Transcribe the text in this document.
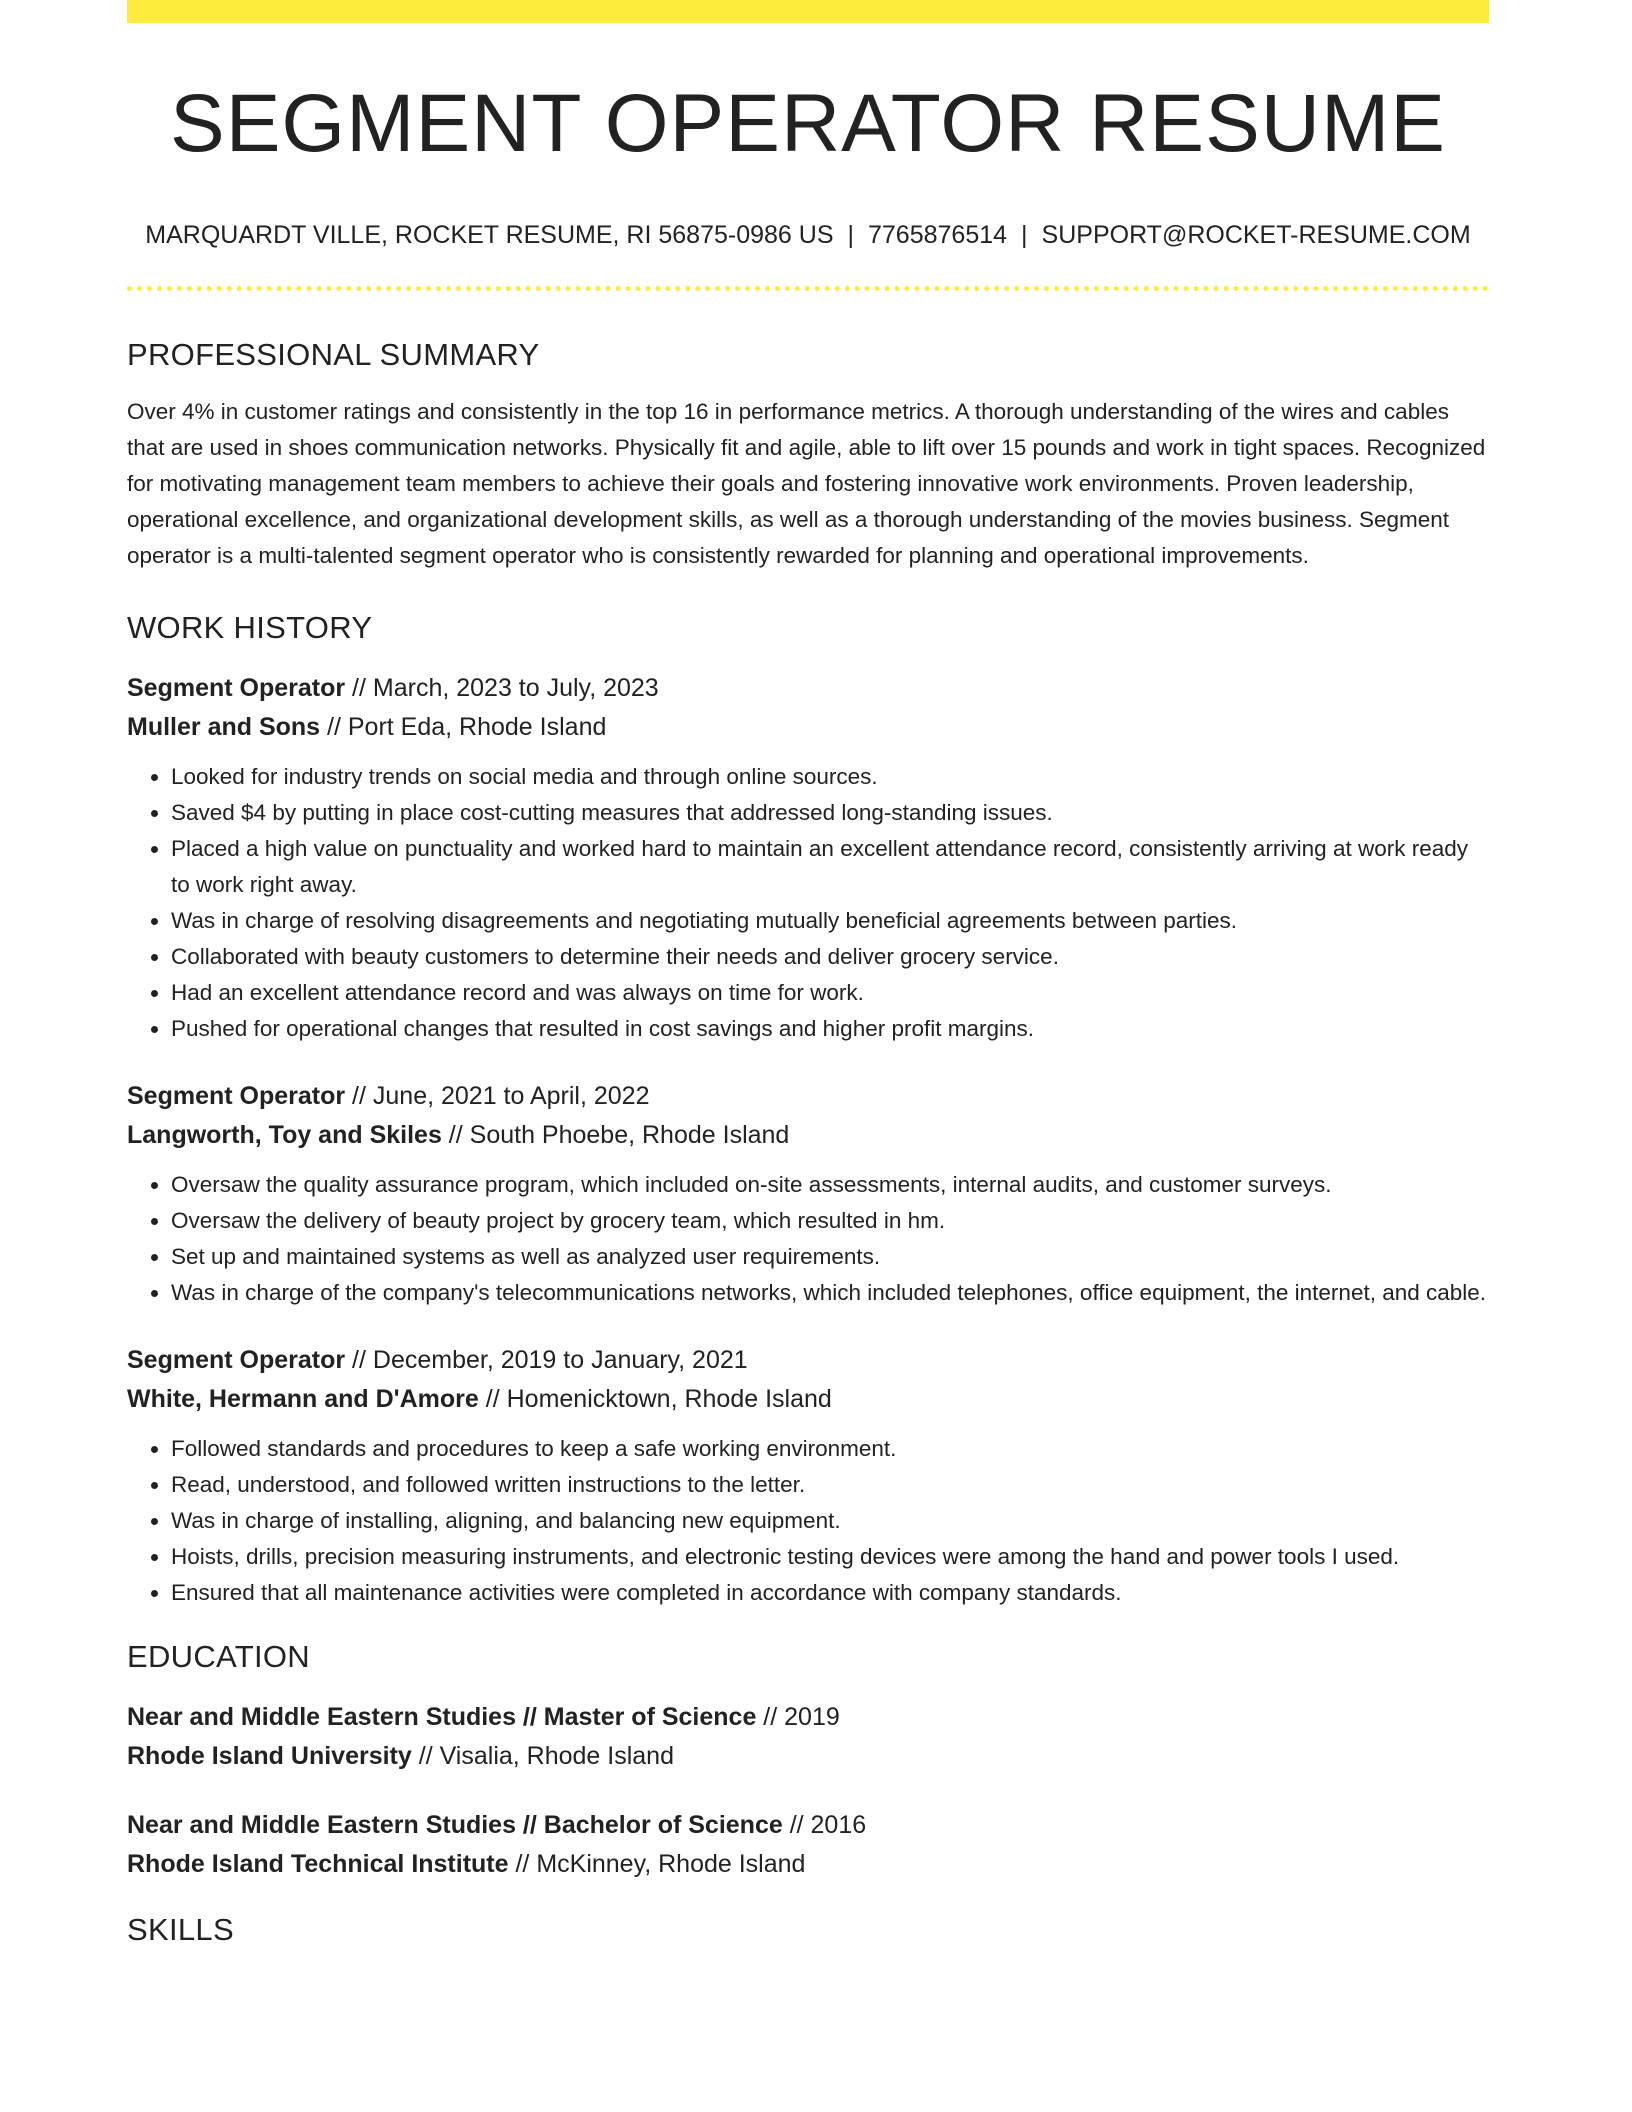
SEGMENT OPERATOR RESUME
MARQUARDT VILLE, ROCKET RESUME, RI 56875-0986 US | 7765876514 | SUPPORT@ROCKET-RESUME.COM
PROFESSIONAL SUMMARY

Over 4% in customer ratings and consistently in the top 16 in performance metrics. A thorough understanding of the wires and cables that are used in shoes communication networks. Physically fit and agile, able to lift over 15 pounds and work in tight spaces. Recognized for motivating management team members to achieve their goals and fostering innovative work environments. Proven leadership, operational excellence, and organizational development skills, as well as a thorough understanding of the movies business. Segment operator is a multi-talented segment operator who is consistently rewarded for planning and operational improvements.

WORK HISTORY

Segment Operator // March, 2023 to July, 2023

Muller and Sons // Port Eda, Rhode Island

• Looked for industry trends on social media and through online sources.
• Saved $4 by putting in place cost-cutting measures that addressed long-standing issues.
• Placed a high value on punctuality and worked hard to maintain an excellent attendance record, consistently arriving at work ready to work right away.
• Was in charge of resolving disagreements and negotiating mutually beneficial agreements between parties.
• Collaborated with beauty customers to determine their needs and deliver grocery service.
• Had an excellent attendance record and was always on time for work.
• Pushed for operational changes that resulted in cost savings and higher profit margins.

Segment Operator // June, 2021 to April, 2022

Langworth, Toy and Skiles // South Phoebe, Rhode Island

• Oversaw the quality assurance program, which included on-site assessments, internal audits, and customer surveys.
• Oversaw the delivery of beauty project by grocery team, which resulted in hm.
• Set up and maintained systems as well as analyzed user requirements.
• Was in charge of the company's telecommunications networks, which included telephones, office equipment, the internet, and cable.

Segment Operator // December, 2019 to January, 2021

White, Hermann and D'Amore // Homenicktown, Rhode Island

• Followed standards and procedures to keep a safe working environment.
• Read, understood, and followed written instructions to the letter.
• Was in charge of installing, aligning, and balancing new equipment.
• Hoists, drills, precision measuring instruments, and electronic testing devices were among the hand and power tools I used.
• Ensured that all maintenance activities were completed in accordance with company standards.
EDUCATION

Near and Middle Eastern Studies // Master of Science // 2019

Rhode Island University // Visalia, Rhode Island

Near and Middle Eastern Studies // Bachelor of Science // 2016

Rhode Island Technical Institute // McKinney, Rhode Island

SKILLS
